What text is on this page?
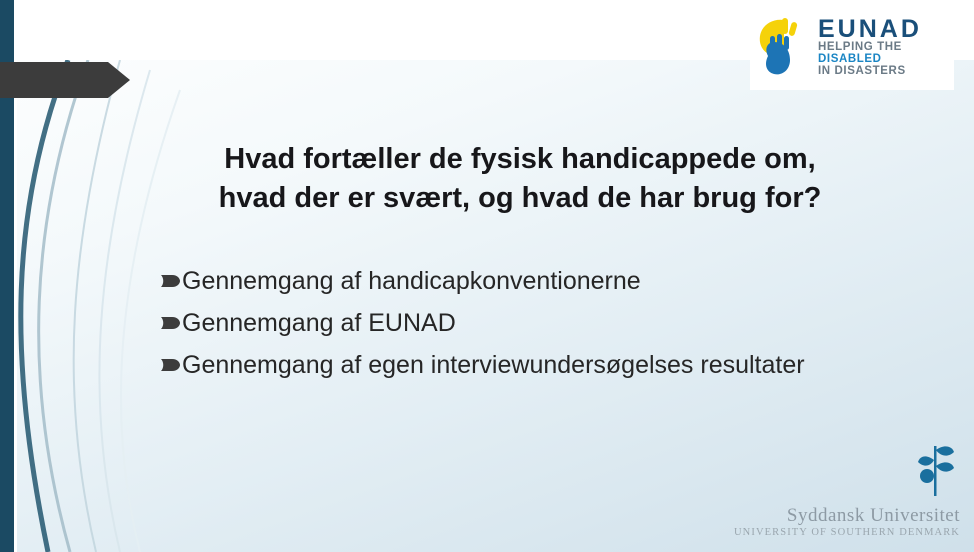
EUNAD
HELPING THE
DISABLED
IN DISASTERS
Hvad fortæller de fysisk handicappede om,
hvad der er svært, og hvad de har brug for?
Gennemgang af handicapkonventionerne
Gennemgang af EUNAD
Gennemgang af egen interviewundersøgelses resultater
Syddansk Universitet
UNIVERSITY OF SOUTHERN DENMARK
